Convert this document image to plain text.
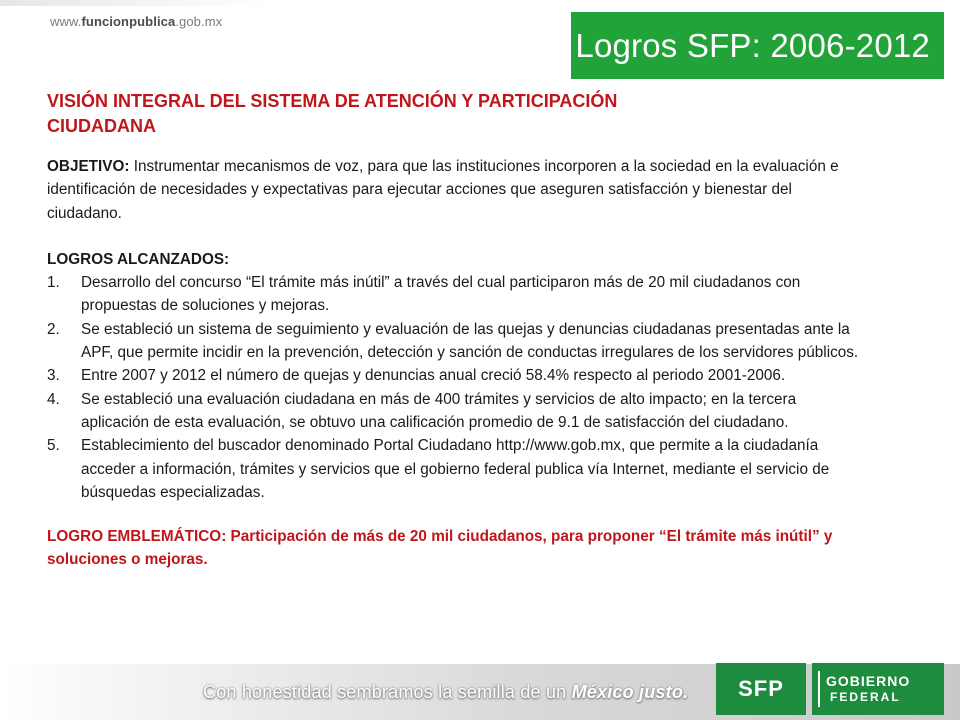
www.funcionpublica.gob.mx
Logros SFP: 2006-2012
VISIÓN INTEGRAL DEL SISTEMA DE ATENCIÓN Y PARTICIPACIÓN CIUDADANA
OBJETIVO: Instrumentar mecanismos de voz, para que las instituciones incorporen a la sociedad en la evaluación e identificación de necesidades y expectativas para ejecutar acciones que aseguren satisfacción y bienestar del ciudadano.
LOGROS ALCANZADOS:
1. Desarrollo del concurso “El trámite más inútil” a través del cual participaron más de 20 mil ciudadanos con propuestas de soluciones y mejoras.
2. Se estableció un sistema de seguimiento y evaluación de las quejas y denuncias ciudadanas presentadas ante la APF, que permite incidir en la prevención, detección y sanción de conductas irregulares de los servidores públicos.
3. Entre 2007 y 2012 el número de quejas y denuncias anual creció 58.4% respecto al periodo 2001-2006.
4. Se estableció una evaluación ciudadana en más de 400 trámites y servicios de alto impacto; en la tercera aplicación de esta evaluación, se obtuvo una calificación promedio de 9.1 de satisfacción del ciudadano.
5. Establecimiento del buscador denominado Portal Ciudadano http://www.gob.mx, que permite a la ciudadanía acceder a información, trámites y servicios que el gobierno federal publica vía Internet, mediante el servicio de búsquedas especializadas.
LOGRO EMBLEMÁTICO: Participación de más de 20 mil ciudadanos, para proponer “El trámite más inútil” y soluciones o mejoras.
Con honestidad sembramos la semilla de un México justo. SFP	GOBIERNO
FEDERAL
